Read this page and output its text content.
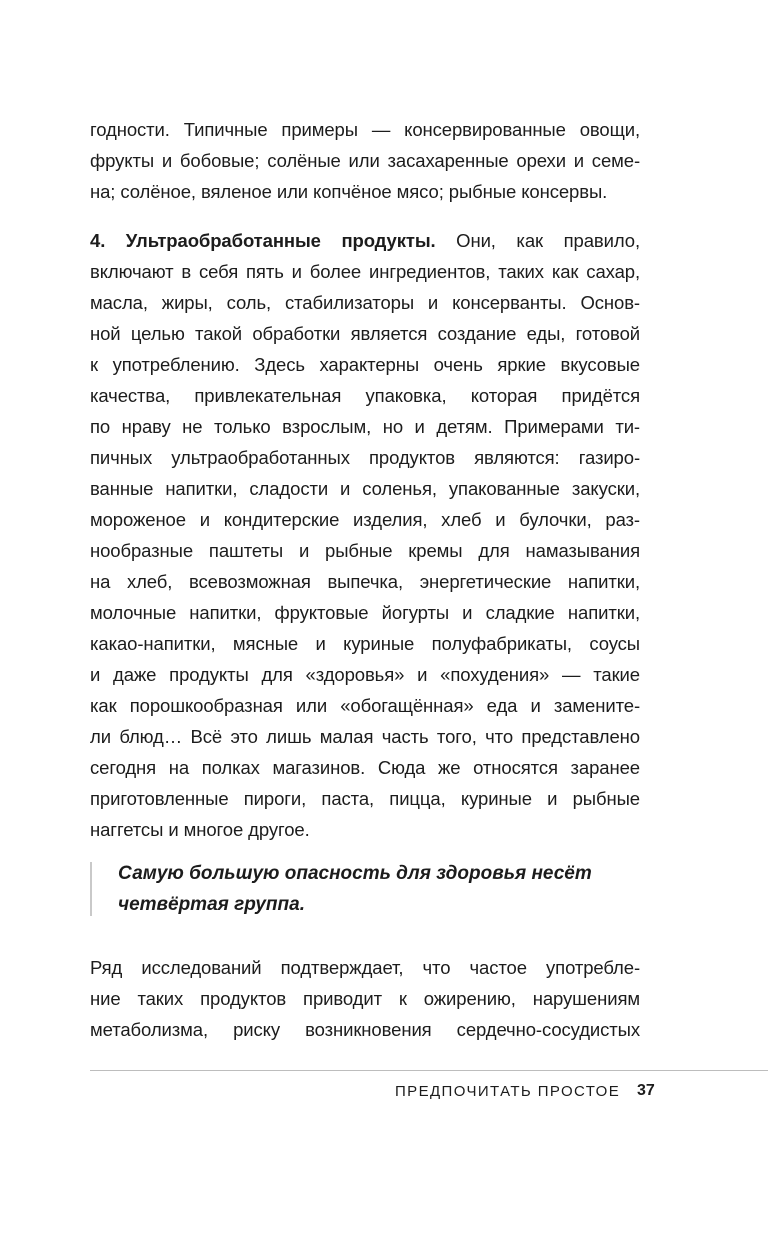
годности. Типичные примеры — консервированные овощи,
фрукты и бобовые; солёные или засахаренные орехи и семе-
на; солёное, вяленое или копчёное мясо; рыбные консервы.
4. Ультраобработанные продукты. Они, как правило,
включают в себя пять и более ингредиентов, таких как сахар,
масла, жиры, соль, стабилизаторы и консерванты. Основ-
ной целью такой обработки является создание еды, готовой
к употреблению. Здесь характерны очень яркие вкусовые
качества, привлекательная упаковка, которая придётся
по нраву не только взрослым, но и детям. Примерами ти-
пичных ультраобработанных продуктов являются: газиро-
ванные напитки, сладости и соленья, упакованные закуски,
мороженое и кондитерские изделия, хлеб и булочки, раз-
нообразные паштеты и рыбные кремы для намазывания
на хлеб, всевозможная выпечка, энергетические напитки,
молочные напитки, фруктовые йогурты и сладкие напитки,
какао-напитки, мясные и куриные полуфабрикаты, соусы
и даже продукты для «здоровья» и «похудения» — такие
как порошкообразная или «обогащённая» еда и замените-
ли блюд… Всё это лишь малая часть того, что представлено
сегодня на полках магазинов. Сюда же относятся заранее
приготовленные пироги, паста, пицца, куриные и рыбные
наггетсы и многое другое.
Самую большую опасность для здоровья несёт
четвёртая группа.
Ряд исследований подтверждает, что частое употребле-
ние таких продуктов приводит к ожирению, нарушениям
метаболизма, риску возникновения сердечно-сосудистых
ПРЕДПОЧИТАТЬ ПРОСТОЕ 37
